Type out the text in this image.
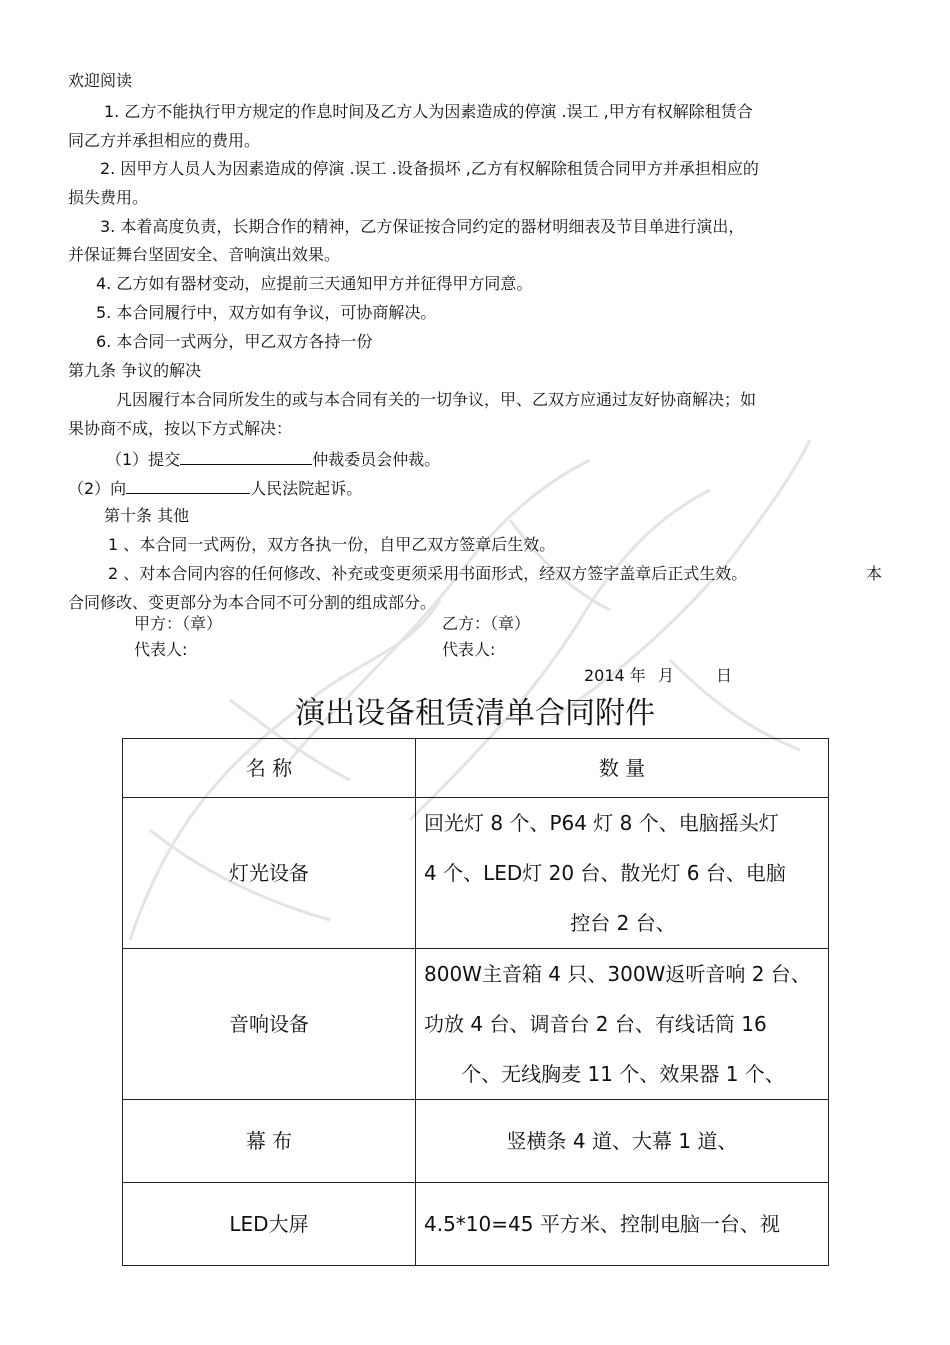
欢迎阅读
1. 乙方不能执行甲方规定的作息时间及乙方人为因素造成的停演 .误工 ,甲方有权解除租赁合
同乙方并承担相应的费用。
2. 因甲方人员人为因素造成的停演 .误工 .设备损坏 ,乙方有权解除租赁合同甲方并承担相应的
损失费用。
3. 本着高度负责，长期合作的精神，乙方保证按合同约定的器材明细表及节目单进行演出，
并保证舞台坚固安全、音响演出效果。
4. 乙方如有器材变动，应提前三天通知甲方并征得甲方同意。
5. 本合同履行中，双方如有争议，可协商解决。
6. 本合同一式两分，甲乙双方各持一份
第九条 争议的解决
凡因履行本合同所发生的或与本合同有关的一切争议，甲、乙双方应通过友好协商解决；如
果协商不成，按以下方式解决：
（1）提交	仲裁委员会仲裁。
（2）向	人民法院起诉。
第十条 其他
1 、本合同一式两份，双方各执一份，自甲乙双方签章后生效。
2 、对本合同内容的任何修改、补充或变更须采用书面形式，经双方签字盖章后正式生效。	本
合同修改、变更部分为本合同不可分割的组成部分。
甲方：（章）	乙方：（章）
代表人:	代表人:
2014 年 月	日
演出设备租赁清单合同附件
名 称	数 量
灯光设备	回光灯 8 个、P64 灯 8 个、电脑摇头灯
4 个、LED灯 20 台、散光灯 6 台、电脑

控台 2 台、

音响设备	800W主音箱 4 只、300W返听音响 2 台、
功放 4 台、调音台 2 台、有线话筒 16

个、无线胸麦 11 个、效果器 1 个、

幕 布	竖横条 4 道、大幕 1 道、
LED大屏	4.5*10=45 平方米、控制电脑一台、视
